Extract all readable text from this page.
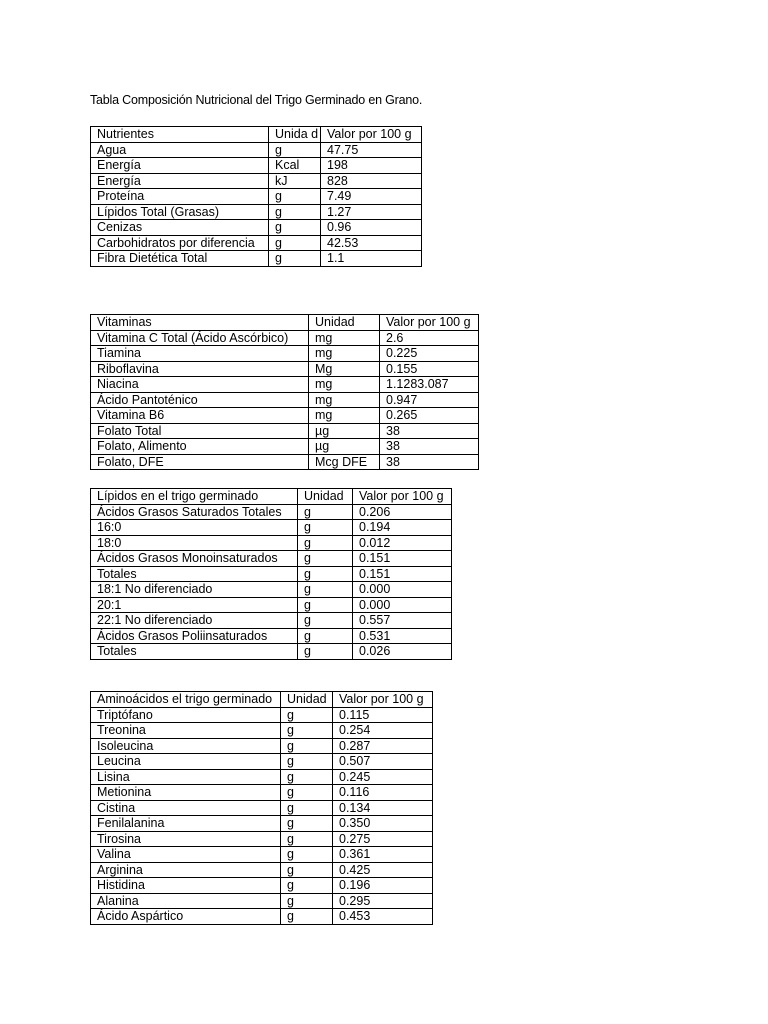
Tabla Composición Nutricional del Trigo Germinado en Grano.
Nutrientes	Unida d	Valor por 100 g
Agua	g	47.75
Energía	Kcal	198
Energía	kJ	828
Proteína	g	7.49
Lípidos Total (Grasas)	g	1.27
Cenizas	g	0.96
Carbohidratos por diferencia	g	42.53
Fibra Dietética Total	g	1.1
Vitaminas	Unidad	Valor por 100 g
Vitamina C Total (Ácido Ascórbico)	mg	2.6
Tiamina	mg	0.225
Riboflavina	Mg	0.155
Niacina	mg	1.1283.087
Ácido Pantoténico	mg	0.947
Vitamina B6	mg	0.265
Folato Total	µg	38
Folato, Alimento	µg	38
Folato, DFE	Mcg DFE	38
Lípidos en el trigo germinado	Unidad	Valor por 100 g
Ácidos Grasos Saturados Totales	g	0.206
16:0	g	0.194
18:0	g	0.012
Ácidos Grasos Monoinsaturados	g	0.151
Totales	g	0.151
18:1 No diferenciado	g	0.000
20:1	g	0.000
22:1 No diferenciado	g	0.557
Ácidos Grasos Poliinsaturados	g	0.531
Totales	g	0.026
Aminoácidos el trigo germinado	Unidad	Valor por 100 g
Triptófano	g	0.115
Treonina	g	0.254
Isoleucina	g	0.287
Leucina	g	0.507
Lisina	g	0.245
Metionina	g	0.116
Cistina	g	0.134
Fenilalanina	g	0.350
Tirosina	g	0.275
Valina	g	0.361
Arginina	g	0.425
Histidina	g	0.196
Alanina	g	0.295
Ácido Aspártico	g	0.453
